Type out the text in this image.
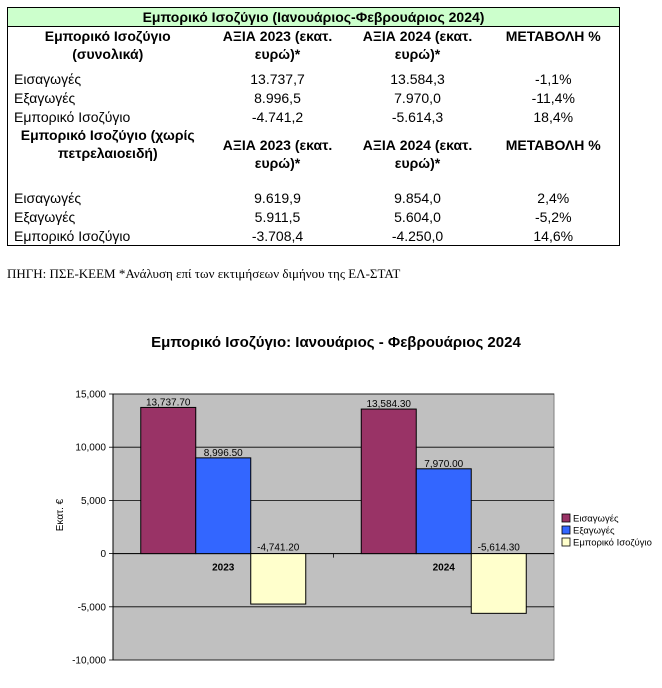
Εμπορικό Ισοζύγιο (Ιανουάριος-Φεβρουάριος 2024)			
Εμπορικό Ισοζύγιο (συνολικά)	ΑΞΙΑ 2023 (εκατ. ευρώ)*	ΑΞΙΑ 2024 (εκατ. ευρώ)*	ΜΕΤΑΒΟΛΗ %
Εισαγωγές	13.737,7	13.584,3	-1,1%
Εξαγωγές	8.996,5	7.970,0	-11,4%
Εμπορικό Ισοζύγιο	-4.741,2	-5.614,3	18,4%
Εμπορικό Ισοζύγιο (χωρίς πετρελαιοειδή)	ΑΞΙΑ 2023 (εκατ. ευρώ)*	ΑΞΙΑ 2024 (εκατ. ευρώ)*	ΜΕΤΑΒΟΛΗ %
Εισαγωγές	9.619,9	9.854,0	2,4%
Εξαγωγές	5.911,5	5.604,0	-5,2%
Εμπορικό Ισοζύγιο	-3.708,4	-4.250,0	14,6%
ΠΗΓΗ: ΠΣΕ-ΚΕΕΜ *Ανάλυση επί των εκτιμήσεων διμήνου της ΕΛ-ΣΤΑΤ
Εμπορικό Ισοζύγιο: Ιανουάριος - Φεβρουάριος 2024
15,000
10,000
5,000
0
-5,000
-10,000
Εκατ. €
13,737.70
8,996.50
-4,741.20
13,584.30
7,970.00
-5,614.30
2023	2024
Εισαγωγές
Εξαγωγές
Εμπορικό Ισοζύγιο
